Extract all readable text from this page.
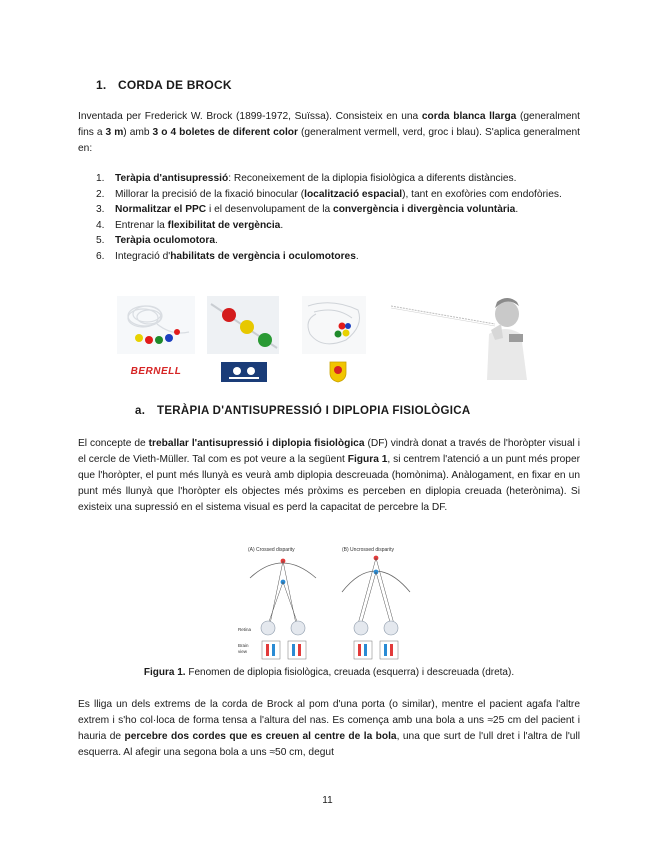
1. CORDA DE BROCK
Inventada per Frederick W. Brock (1899-1972, Suïssa). Consisteix en una corda blanca llarga (generalment fins a 3 m) amb 3 o 4 boletes de diferent color (generalment vermell, verd, groc i blau). S'aplica generalment en:
1. Teràpia d'antisupressió: Reconeixement de la diplopia fisiològica a diferents distàncies.
2. Millorar la precisió de la fixació binocular (localització espacial), tant en exofòries com endofòries.
3. Normalitzar el PPC i el desenvolupament de la convergència i divergència voluntària.
4. Entrenar la flexibilitat de vergència.
5. Teràpia oculomotora.
6. Integració d'habilitats de vergència i oculomotores.
BERNELL
a. TERÀPIA D'ANTISUPRESSIÓ I DIPLOPIA FISIOLÒGICA
El concepte de treballar l'antisupressió i diplopia fisiològica (DF) vindrà donat a través de l'horòpter visual i el cercle de Vieth-Müller. Tal com es pot veure a la següent Figura 1, si centrem l'atenció a un punt més proper que l'horòpter, el punt més llunyà es veurà amb diplopia descreuada (homònima). Anàlogament, en fixar en un punt més llunyà que l'horòpter els objectes més pròxims es perceben en diplopia creuada (heterònima). Si existeix una supressió en el sistema visual es perd la capacitat de percebre la DF.
(A) Crossed disparity
Retina
Brain
view
(B) Uncrossed disparity
Figura 1. Fenomen de diplopia fisiològica, creuada (esquerra) i descreuada (dreta).
Es lliga un dels extrems de la corda de Brock al pom d'una porta (o similar), mentre el pacient agafa l'altre extrem i s'ho col·loca de forma tensa a l'altura del nas. Es comença amb una bola a uns ≈25 cm del pacient i hauria de percebre dos cordes que es creuen al centre de la bola, una que surt de l'ull dret i l'altra de l'ull esquerra. Al afegir una segona bola a uns ≈50 cm, degut
11
